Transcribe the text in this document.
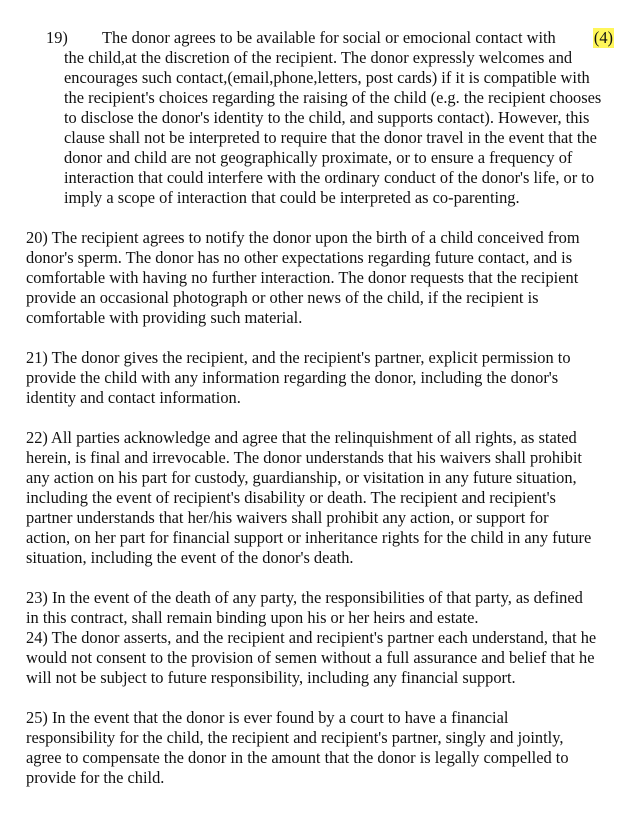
19)	(4)
The donor agrees to be available for social or emocional contact with
the child,at the discretion of the recipient. The donor expressly welcomes and
encourages such contact,(email,phone,letters, post cards) if it is compatible with
the recipient's choices regarding the raising of the child (e.g. the recipient chooses
to disclose the donor's identity to the child, and supports contact). However, this
clause shall not be interpreted to require that the donor travel in the event that the
donor and child are not geographically proximate, or to ensure a frequency of
interaction that could interfere with the ordinary conduct of the donor's life, or to
imply a scope of interaction that could be interpreted as co-parenting.
20) The recipient agrees to notify the donor upon the birth of a child conceived from
donor's sperm. The donor has no other expectations regarding future contact, and is
comfortable with having no further interaction. The donor requests that the recipient
provide an occasional photograph or other news of the child, if the recipient is
comfortable with providing such material.
21) The donor gives the recipient, and the recipient's partner, explicit permission to
provide the child with any information regarding the donor, including the donor's
identity and contact information.
22) All parties acknowledge and agree that the relinquishment of all rights, as stated
herein, is final and irrevocable. The donor understands that his waivers shall prohibit
any action on his part for custody, guardianship, or visitation in any future situation,
including the event of recipient's disability or death. The recipient and recipient's
partner understands that her/his waivers shall prohibit any action, or support for
action, on her part for financial support or inheritance rights for the child in any future
situation, including the event of the donor's death.
23) In the event of the death of any party, the responsibilities of that party, as defined
in this contract, shall remain binding upon his or her heirs and estate.
24) The donor asserts, and the recipient and recipient's partner each understand, that he
would not consent to the provision of semen without a full assurance and belief that he
will not be subject to future responsibility, including any financial support.
25) In the event that the donor is ever found by a court to have a financial
responsibility for the child, the recipient and recipient's partner, singly and jointly,
agree to compensate the donor in the amount that the donor is legally compelled to
provide for the child.
